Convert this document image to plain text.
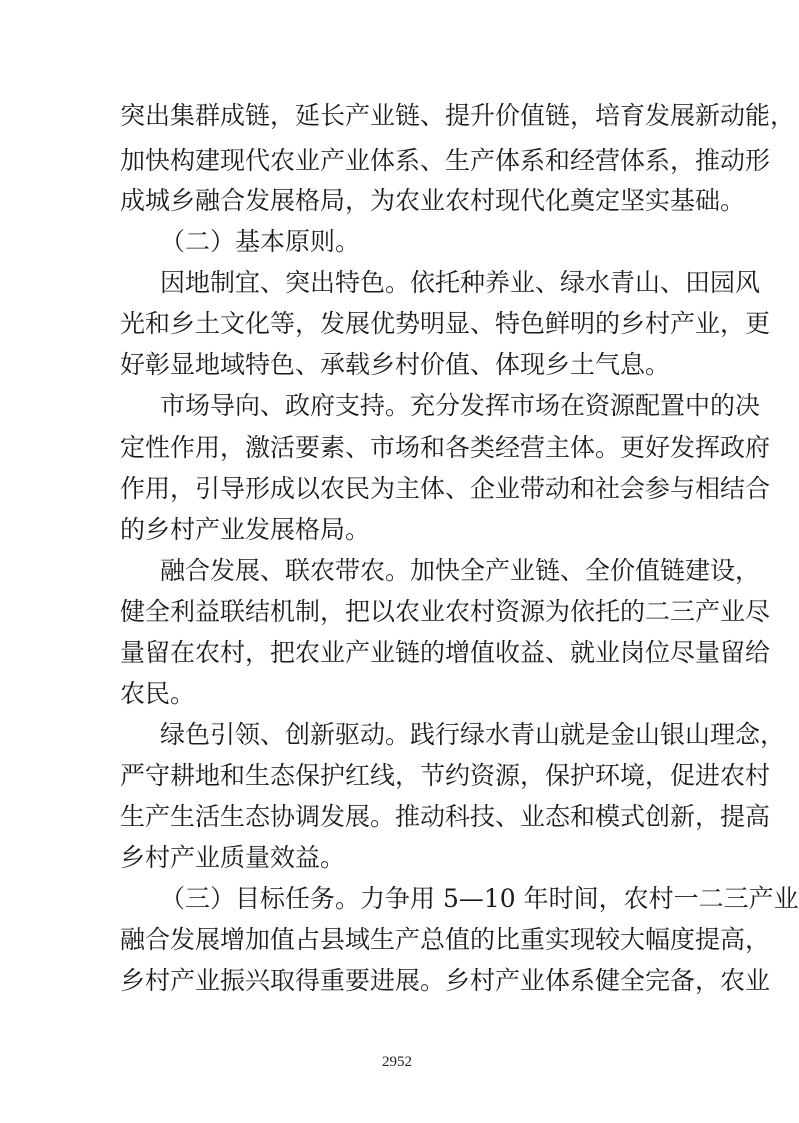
突出集群成链，延长产业链、提升价值链，培育发展新动能，
加快构建现代农业产业体系、生产体系和经营体系，推动形
成城乡融合发展格局，为农业农村现代化奠定坚实基础。
（二）基本原则。
因地制宜、突出特色。依托种养业、绿水青山、田园风
光和乡土文化等，发展优势明显、特色鲜明的乡村产业，更
好彰显地域特色、承载乡村价值、体现乡土气息。
市场导向、政府支持。充分发挥市场在资源配置中的决
定性作用，激活要素、市场和各类经营主体。更好发挥政府
作用，引导形成以农民为主体、企业带动和社会参与相结合
的乡村产业发展格局。
融合发展、联农带农。加快全产业链、全价值链建设，
健全利益联结机制，把以农业农村资源为依托的二三产业尽
量留在农村，把农业产业链的增值收益、就业岗位尽量留给
农民。
绿色引领、创新驱动。践行绿水青山就是金山银山理念，
严守耕地和生态保护红线，节约资源，保护环境，促进农村
生产生活生态协调发展。推动科技、业态和模式创新，提高
乡村产业质量效益。
（三）目标任务。力争用 5—10 年时间，农村一二三产业
融合发展增加值占县域生产总值的比重实现较大幅度提高，
乡村产业振兴取得重要进展。乡村产业体系健全完备，农业
2952
